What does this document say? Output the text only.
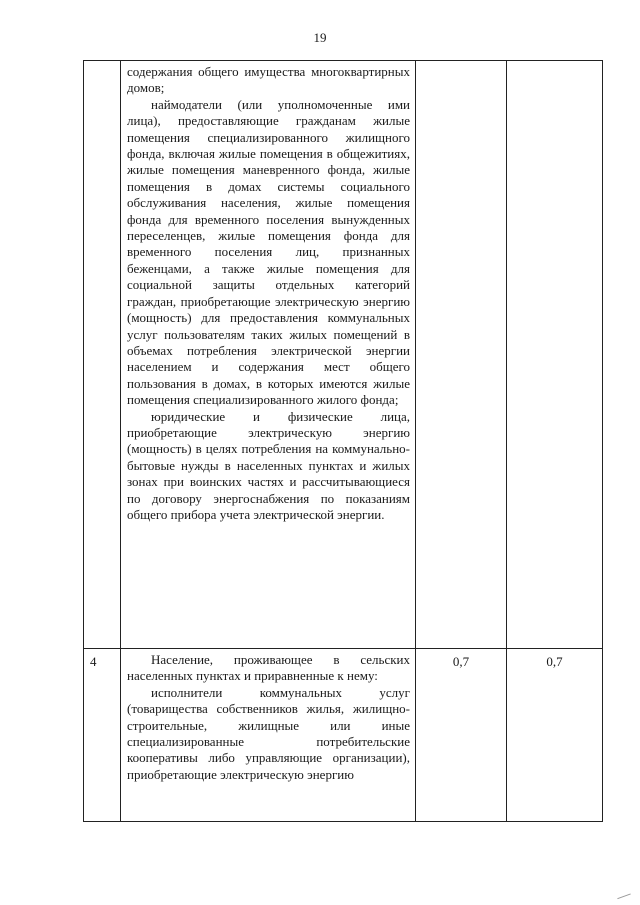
19

	содержания общего имущества многоквартирных домов;

наймодатели (или уполномоченные ими лица), предоставляющие гражданам жилые помещения специализированного жилищного фонда, включая жилые помещения в общежитиях, жилые помещения маневренного фонда, жилые помещения в домах системы социального обслуживания населения, жилые помещения фонда для временного поселения вынужденных переселенцев, жилые помещения фонда для временного поселения лиц, признанных беженцами, а также жилые помещения для социальной защиты отдельных категорий граждан, приобретающие электрическую энергию (мощность) для предоставления коммунальных услуг пользователям таких жилых помещений в объемах потребления электрической энергии населением и содержания мест общего пользования в домах, в которых имеются жилые помещения специализированного жилого фонда;

юридические и физические лица, приобретающие электрическую энергию (мощность) в целях потребления на коммунально-бытовые нужды в населенных пунктах и жилых зонах при воинских частях и рассчитывающиеся по договору энергоснабжения по показаниям общего прибора учета электрической энергии.		

4	Население, проживающее в сельских населенных пунктах и приравненные к нему:

исполнители коммунальных услуг (товарищества собственников жилья, жилищно-строительные, жилищные или иные специализированные потребительские кооперативы либо управляющие организации), приобретающие электрическую энергию	0,7	0,7
